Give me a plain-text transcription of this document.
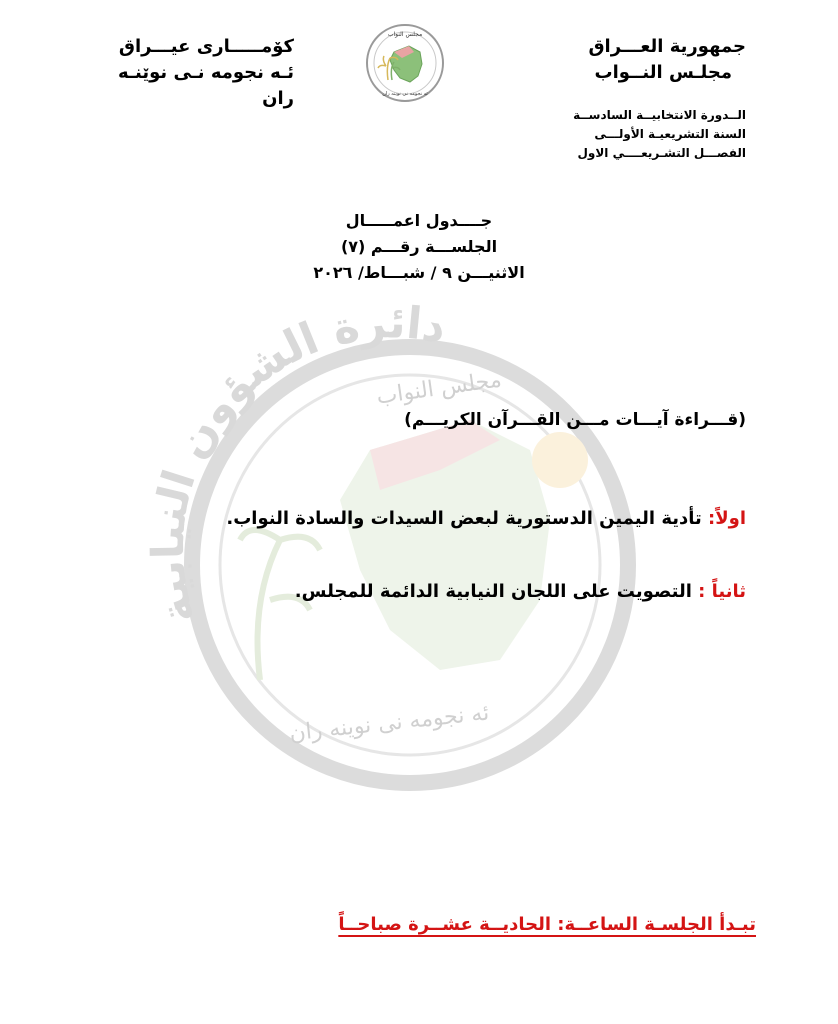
جمهورية العـــراق
مجلـس النــواب
الــدورة الانتخابيــة السادســة
السنة التشريعيـة الأولـــى
الفصـــل التشـريعــــي الاول
كۆمـــــارى عيـــراق
ئـه نجومه نـى نوێنـه ران
مجلس النواب
ئه نجومه نی نوینه ران
دائرة الشؤون النيابية
مجلس النواب
ئه نجومه نی نوینه ران
جــــدول اعمـــــال
الجلســـة رقـــم (٧)
الاثنيـــن ٩ / شبـــاط/ ٢٠٢٦
(قـــراءة آيـــات مـــن القـــرآن الكريـــم)
اولاً: تأدية اليمين الدستورية لبعض السيدات والسادة النواب.
ثانياً : التصويت على اللجان النيابية الدائمة للمجلس.
تبـدأ الجلسـة الساعــة: الحاديــة عشــرة صباحــاً
